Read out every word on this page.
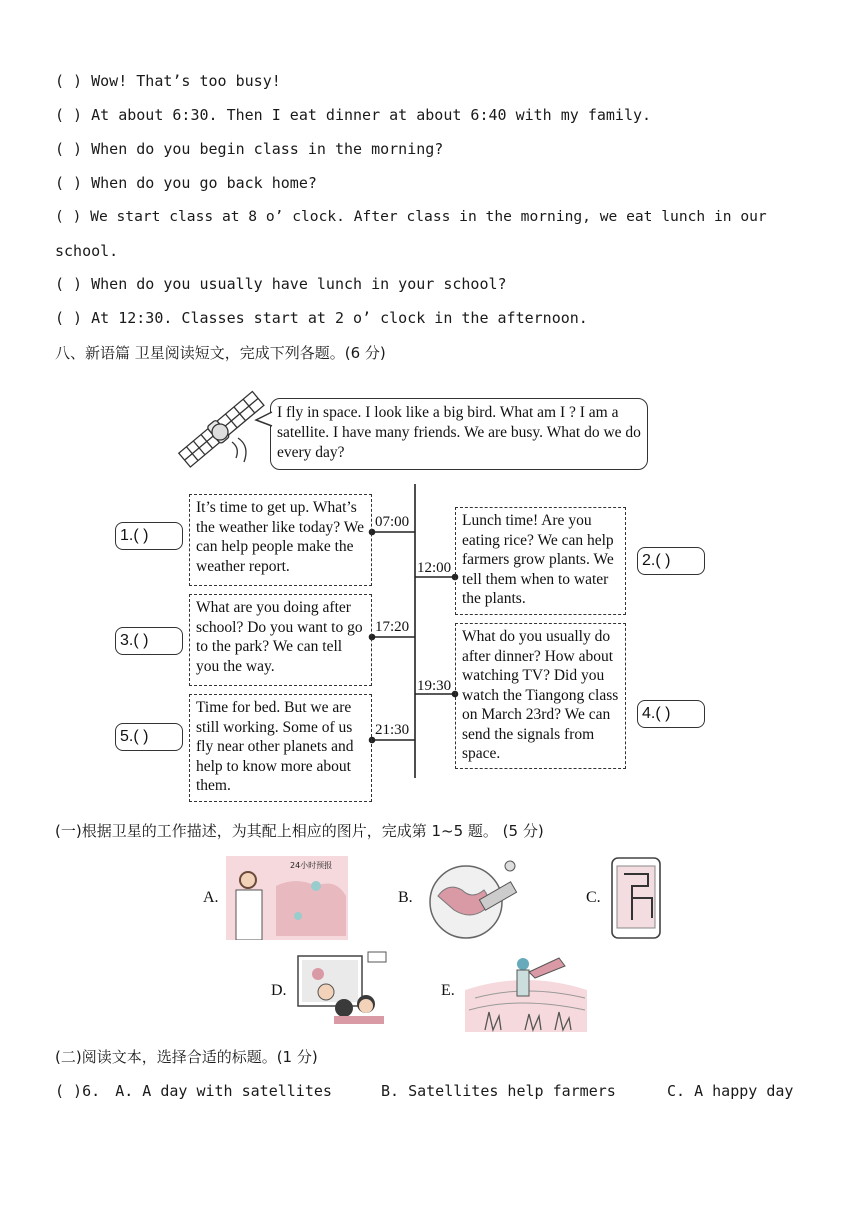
( ) Wow! That’s too busy!
( ) At about 6:30. Then I eat dinner at about 6:40 with my family.
( ) When do you begin class in the morning?
( ) When do you go back home?
( ) We start class at 8 o’ clock. After class in the morning, we eat lunch in our
school.
( ) When do you usually have lunch in your school?
( ) At 12:30. Classes start at 2 o’ clock in the afternoon.
八、新语篇 卫星阅读短文，完成下列各题。(6 分)
I fly in space. I look like a big bird. What am I ? I am a satellite. I have many friends. We are busy. What do we do every day?
07:00
17:20
21:30
12:00
19:30
It’s time to get up. What’s the weather like today? We can help people make the weather report.
What are you doing after school? Do you want to go to the park? We can tell you the way.
Time for bed. But we are still working. Some of us fly near other planets and help to know more about them.
Lunch time! Are you eating rice? We can help farmers grow plants. We tell them when to water the plants.
What do you usually do after dinner? How about watching TV? Did you watch the Tiangong class on March 23rd? We can send the signals from space.
1.( )
3.( )
5.( )
2.( )
4.( )
(一)根据卫星的工作描述，为其配上相应的图片，完成第 1~5 题。 (5 分)
A.
24小时预报
B.	C.
D.	E.
(二)阅读文本，选择合适的标题。(1 分)
( )6. A. A day with satellites	B. Satellites help farmers	C. A happy day
